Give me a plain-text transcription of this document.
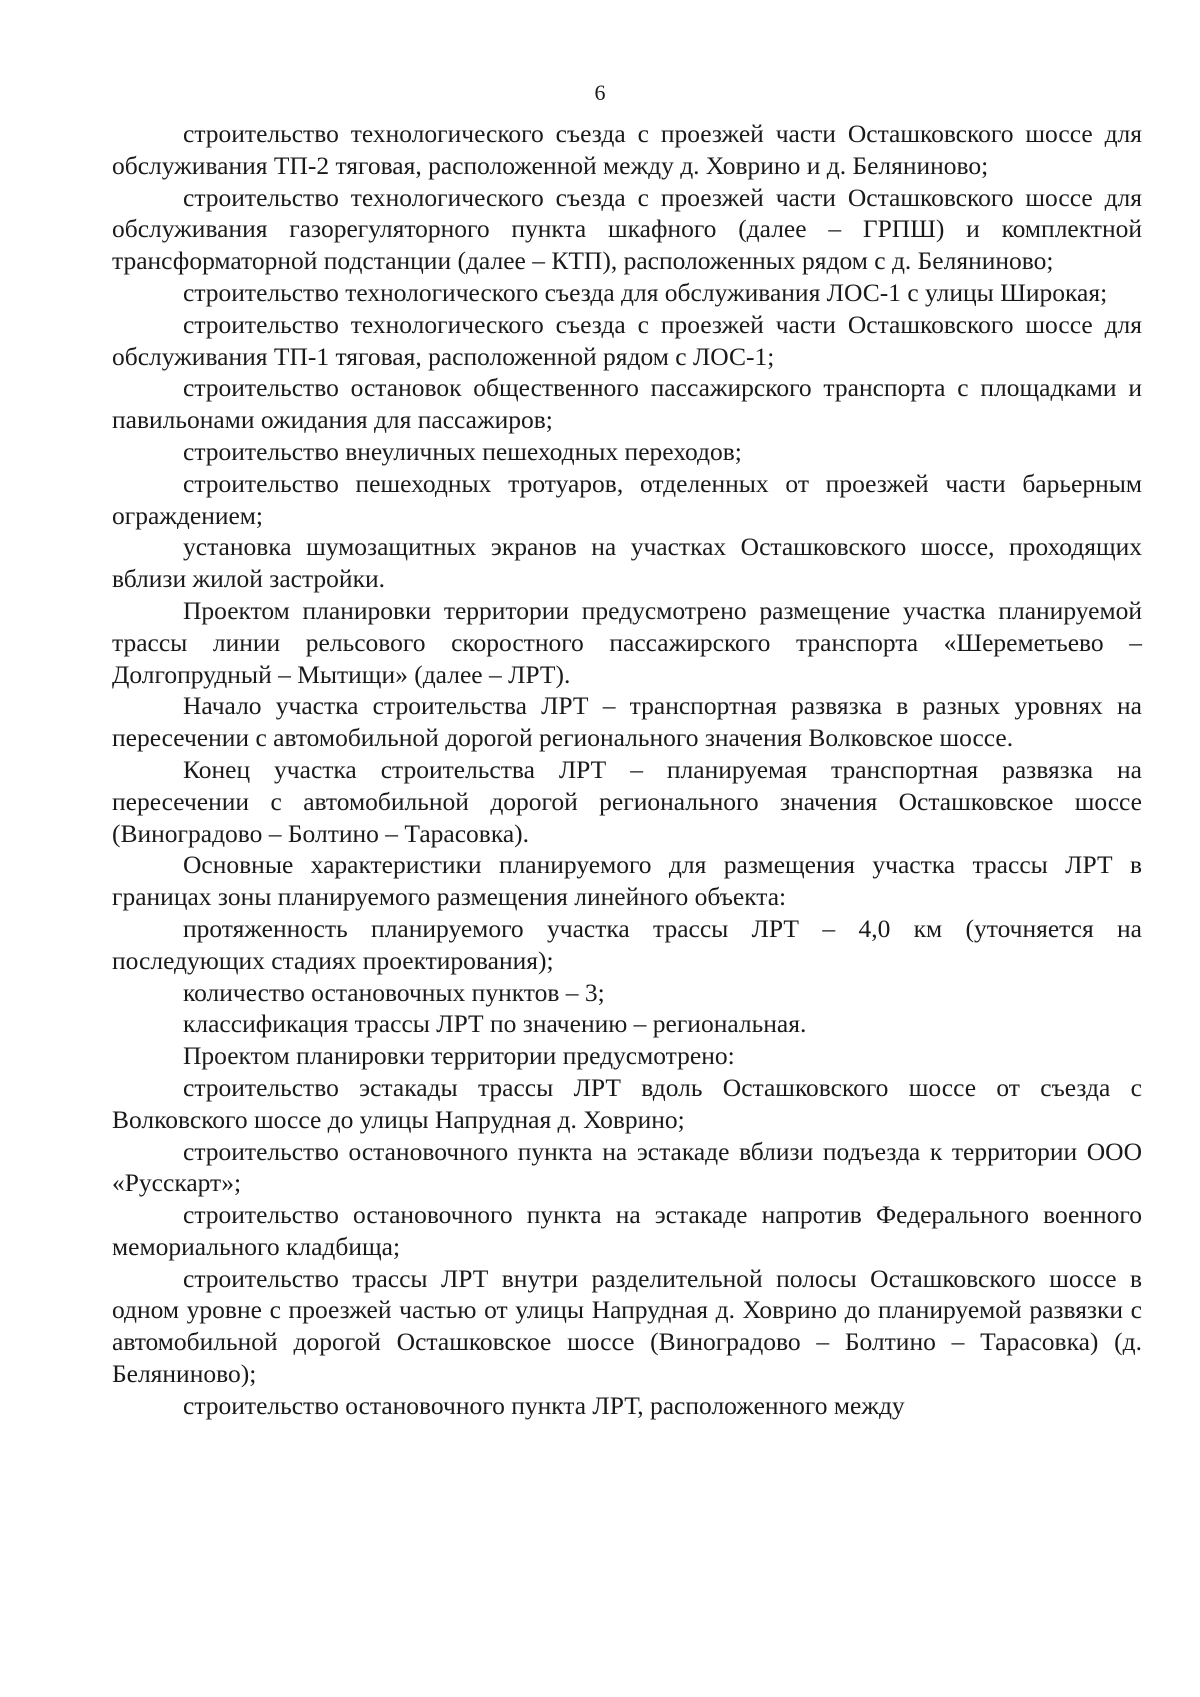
6

строительство технологического съезда с проезжей части Осташковского шоссе для обслуживания ТП-2 тяговая, расположенной между д. Ховрино и д. Беляниново;

строительство технологического съезда с проезжей части Осташковского шоссе для обслуживания газорегуляторного пункта шкафного (далее – ГРПШ) и комплектной трансформаторной подстанции (далее – КТП), расположенных рядом с д. Беляниново;

строительство технологического съезда для обслуживания ЛОС-1 с улицы Широкая;

строительство технологического съезда с проезжей части Осташковского шоссе для обслуживания ТП-1 тяговая, расположенной рядом с ЛОС-1;

строительство остановок общественного пассажирского транспорта с площадками и павильонами ожидания для пассажиров;

строительство внеуличных пешеходных переходов;

строительство пешеходных тротуаров, отделенных от проезжей части барьерным ограждением;

установка шумозащитных экранов на участках Осташковского шоссе, проходящих вблизи жилой застройки.

Проектом планировки территории предусмотрено размещение участка планируемой трассы линии рельсового скоростного пассажирского транспорта «Шереметьево – Долгопрудный – Мытищи» (далее – ЛРТ).

Начало участка строительства ЛРТ – транспортная развязка в разных уровнях на пересечении с автомобильной дорогой регионального значения Волковское шоссе.

Конец участка строительства ЛРТ – планируемая транспортная развязка на пересечении с автомобильной дорогой регионального значения Осташковское шоссе (Виноградово – Болтино – Тарасовка).

Основные характеристики планируемого для размещения участка трассы ЛРТ в границах зоны планируемого размещения линейного объекта:

протяженность планируемого участка трассы ЛРТ – 4,0 км (уточняется на последующих стадиях проектирования);

количество остановочных пунктов – 3;

классификация трассы ЛРТ по значению – региональная.

Проектом планировки территории предусмотрено:

строительство эстакады трассы ЛРТ вдоль Осташковского шоссе от съезда с Волковского шоссе до улицы Напрудная д. Ховрино;

строительство остановочного пункта на эстакаде вблизи подъезда к территории ООО «Русскарт»;

строительство остановочного пункта на эстакаде напротив Федерального военного мемориального кладбища;

строительство трассы ЛРТ внутри разделительной полосы Осташковского шоссе в одном уровне с проезжей частью от улицы Напрудная д. Ховрино до планируемой развязки с автомобильной дорогой Осташковское шоссе (Виноградово – Болтино – Тарасовка) (д. Беляниново);

строительство остановочного пункта ЛРТ, расположенного между
